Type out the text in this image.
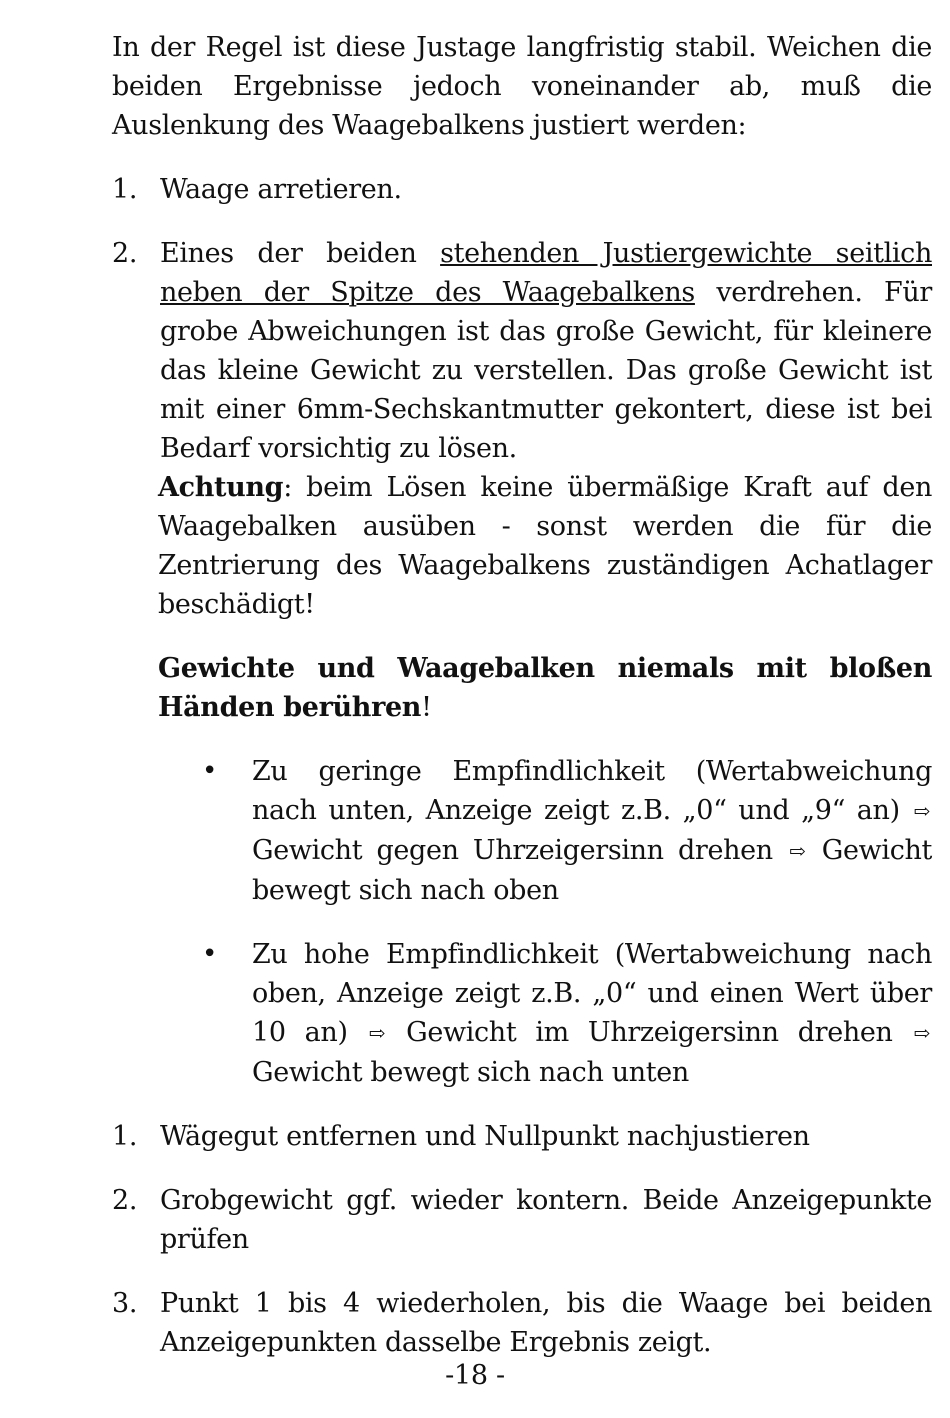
In der Regel ist diese Justage langfristig stabil. Weichen die beiden Ergebnisse jedoch voneinander ab, muß die Auslenkung des Waagebalkens justiert werden:

1. Waage arretieren.
2. Eines der beiden stehenden Justiergewichte seitlich neben der Spitze des Waagebalkens verdrehen. Für grobe Abweichungen ist das große Gewicht, für kleinere das kleine Gewicht zu verstellen. Das große Gewicht ist mit einer 6mm-Sechskantmutter gekontert, diese ist bei Bedarf vorsichtig zu lösen.

Achtung: beim Lösen keine übermäßige Kraft auf den Waagebalken ausüben - sonst werden die für die Zentrierung des Waagebalkens zuständigen Achatlager beschädigt!

Gewichte und Waagebalken niemals mit bloßen Händen berühren!

•	Zu geringe Empfindlichkeit (Wertabweichung nach unten, Anzeige zeigt z.B. „0“ und „9“ an) ⇨ Gewicht gegen Uhrzeigersinn drehen ⇨ Gewicht bewegt sich nach oben
•	Zu hohe Empfindlichkeit (Wertabweichung nach oben, Anzeige zeigt z.B. „0“ und einen Wert über 10 an) ⇨ Gewicht im Uhrzeigersinn drehen ⇨ Gewicht bewegt sich nach unten
1. Wägegut entfernen und Nullpunkt nachjustieren
2. Grobgewicht ggf. wieder kontern. Beide Anzeigepunkte prüfen
3. Punkt 1 bis 4 wiederholen, bis die Waage bei beiden Anzeigepunkten dasselbe Ergebnis zeigt.
-18 -
